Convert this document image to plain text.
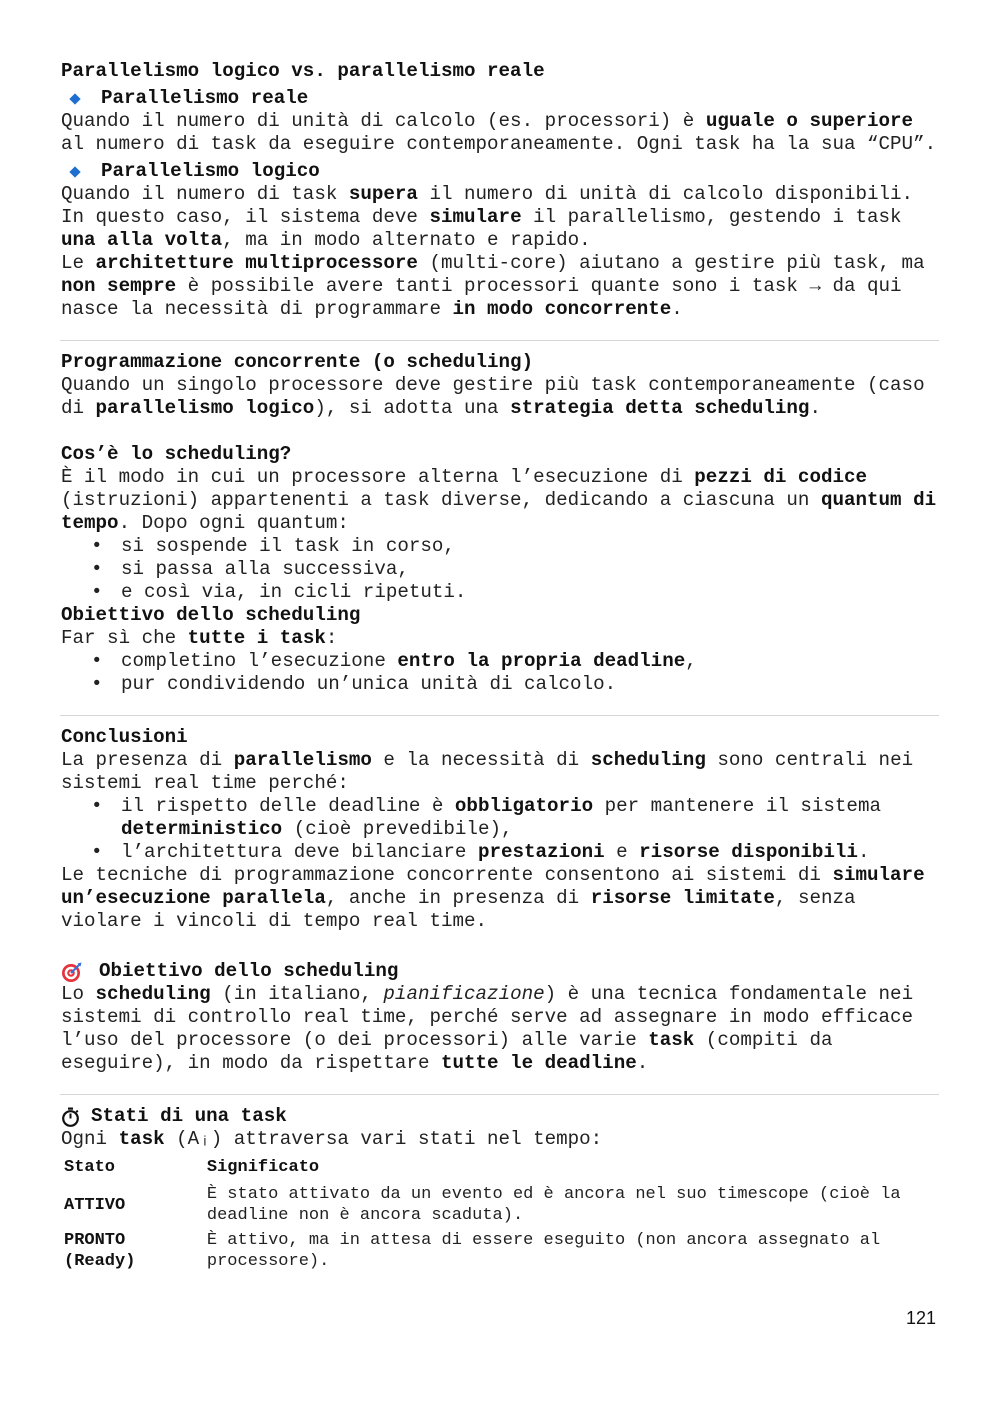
Parallelismo logico vs. parallelismo reale

Parallelismo reale

Quando il numero di unità di calcolo (es. processori) è uguale o superiore al numero di task da eseguire contemporaneamente. Ogni task ha la sua “CPU”.

Parallelismo logico

Quando il numero di task supera il numero di unità di calcolo disponibili. In questo caso, il sistema deve simulare il parallelismo, gestendo i task una alla volta, ma in modo alternato e rapido.

Le architetture multiprocessore (multi-core) aiutano a gestire più task, ma non sempre è possibile avere tanti processori quante sono i task → da qui nasce la necessità di programmare in modo concorrente.

Programmazione concorrente (o scheduling)

Quando un singolo processore deve gestire più task contemporaneamente (caso di parallelismo logico), si adotta una strategia detta scheduling.

Cos’è lo scheduling?

È il modo in cui un processore alterna l’esecuzione di pezzi di codice (istruzioni) appartenenti a task diverse, dedicando a ciascuna un quantum di tempo. Dopo ogni quantum:

• si sospende il task in corso,
• si passa alla successiva,
• e così via, in cicli ripetuti.

Obiettivo dello scheduling

Far sì che tutte i task:

• completino l’esecuzione entro la propria deadline,
• pur condividendo un’unica unità di calcolo.

Conclusioni

La presenza di parallelismo e la necessità di scheduling sono centrali nei sistemi real time perché:

• il rispetto delle deadline è obbligatorio per mantenere il sistema deterministico (cioè prevedibile),
• l’architettura deve bilanciare prestazioni e risorse disponibili.

Le tecniche di programmazione concorrente consentono ai sistemi di simulare un’esecuzione parallela, anche in presenza di risorse limitate, senza violare i vincoli di tempo real time.

Obiettivo dello scheduling

Lo scheduling (in italiano, pianificazione) è una tecnica fondamentale nei sistemi di controllo real time, perché serve ad assegnare in modo efficace l’uso del processore (o dei processori) alle varie task (compiti da eseguire), in modo da rispettare tutte le deadline.

Stati di una task

Ogni task (Aᵢ) attraversa vari stati nel tempo:

Stato	Significato
ATTIVO	È stato attivato da un evento ed è ancora nel suo timescope (cioè la deadline non è ancora scaduta).
PRONTO (Ready)	È attivo, ma in attesa di essere eseguito (non ancora assegnato al processore).
121
